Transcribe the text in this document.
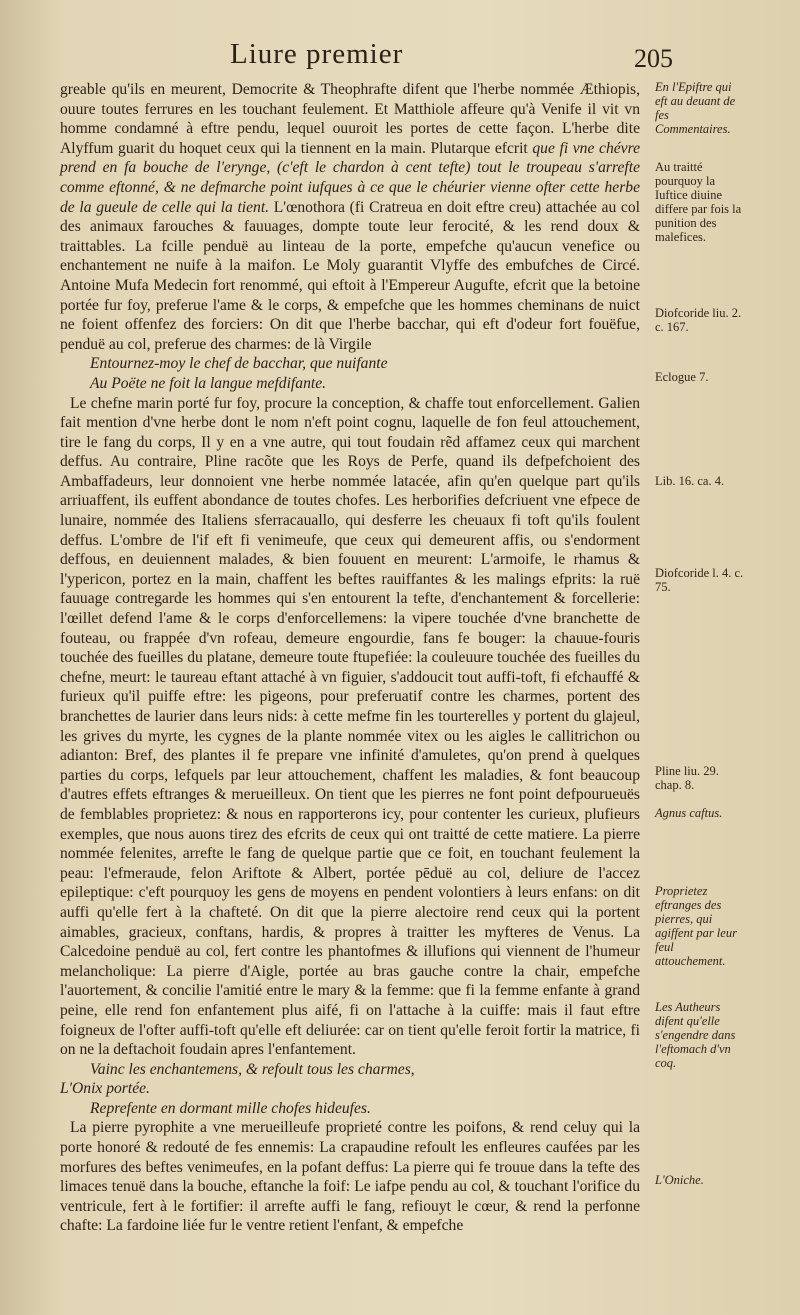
Liure premier	205

greable qu'ils en meurent, Democrite & Theophrafte difent que l'herbe nommée Æthiopis, ouure toutes ferrures en les touchant feulement. Et Matthiole affeure qu'à Venife il vit vn homme condamné à eftre pendu, lequel ouuroit les portes de cette façon. L'herbe dite Alyffum guarit du hoquet ceux qui la tiennent en la main. Plutarque efcrit que fi vne chévre prend en fa bouche de l'erynge, (c'eft le chardon à cent tefte) tout le troupeau s'arrefte comme eftonné, & ne defmarche point iufques à ce que le chéurier vienne ofter cette herbe de la gueule de celle qui la tient. L'œnothora (fi Cratreua en doit eftre creu) attachée au col des animaux farouches & fauuages, dompte toute leur ferocité, & les rend doux & traittables. La fcille penduë au linteau de la porte, empefche qu'aucun veneficе ou enchantement ne nuife à la maifon. Le Moly guarantit Vlyffe des embufches de Circé. Antoine Mufa Medecin fort renommé, qui eftoit à l'Empereur Augufte, efcrit que la betoine portée fur foy, preferue l'ame & le corps, & empefche que les hommes cheminans de nuict ne foient offenfez des forciers: On dit que l'herbe bacchar, qui eft d'odeur fort fouëfue, penduë au col, preferue des charmes: de là Virgile

Entournez-moy le chef de bacchar, que nuifante

Au Poëte ne foit la langue mefdifante.

Le chefne marin porté fur foy, procure la conception, & chaffe tout enforcellement. Galien fait mention d'vne herbe dont le nom n'eft point cognu, laquelle de fon feul attouchement, tire le fang du corps, Il y en a vne autre, qui tout foudain rẽd affamez ceux qui marchent deffus. Au contraire, Pline racõte que les Roys de Perfe, quand ils defpefchoient des Ambaffadeurs, leur donnoient vne herbe nommée latacée, afin qu'en quelque part qu'ils arriuaffent, ils euffent abondance de toutes chofes. Les herborifies defcriuent vne efpece de lunaire, nommée des Italiens sferracauallo, qui desferre les cheuaux fi toft qu'ils foulent deffus. L'ombre de l'if eft fi venimeufe, que ceux qui demeurent affis, ou s'endorment deffous, en deuiennent malades, & bien fouuent en meurent: L'armoife, le rhamus & l'ypericon, portez en la main, chaffent les beftes rauiffantes & les malings efprits: la ruë fauuage contregarde les hommes qui s'en entourent la tefte, d'enchantement & forcellerie: l'œillet defend l'ame & le corps d'enforcellemens: la vipere touchée d'vne branchette de fouteau, ou frappée d'vn rofeau, demeure engourdie, fans fe bouger: la chauue-fouris touchée des fueilles du platane, demeure toute ftupefiée: la couleuure touchée des fueilles du chefne, meurt: le taureau eftant attaché à vn figuier, s'addoucit tout auffi-toft, fi efchauffé & furieux qu'il puiffe eftre: les pigeons, pour preferuatif contre les charmes, portent des branchettes de laurier dans leurs nids: à cette mefme fin les tourterelles y portent du glajeul, les grives du myrte, les cygnes de la plante nommée vitex ou les aigles le callitrichon ou adianton: Bref, des plantes il fe prepare vne infinité d'amuletes, qu'on prend à quelques parties du corps, lefquels par leur attouchement, chaffent les maladies, & font beaucoup d'autres effets eftranges & merueilleux. On tient que les pierres ne font point defpourueuës de femblables proprietez: & nous en rapporterons icy, pour contenter les curieux, plufieurs exemples, que nous auons tirez des efcrits de ceux qui ont traitté de cette matiere. La pierre nommée felenites, arrefte le fang de quelque partie que ce foit, en touchant feulement la peau: l'efmeraude, felon Ariftote & Albert, portée pēduë au col, deliure de l'accez epileptique: c'eft pourquoy les gens de moyens en pendent volontiers à leurs enfans: on dit auffi qu'elle fert à la chafteté. On dit que la pierre alectoire rend ceux qui la portent aimables, gracieux, conftans, hardis, & propres à traitter les myfteres de Venus. La Calcedoine penduë au col, fert contre les phantofmes & illufions qui viennent de l'humeur melancholique: La pierre d'Aigle, portée au bras gauche contre la chair, empefche l'auortement, & concilie l'amitié entre le mary & la femme: que fi la femme enfante à grand peine, elle rend fon enfantement plus aifé, fi on l'attache à la cuiffe: mais il faut eftre foigneux de l'ofter auffi-toft qu'elle eft deliurée: car on tient qu'elle feroit fortir la matrice, fi on ne la deftachoit foudain apres l'enfantement.

Vainc les enchantemens, & refoult tous les charmes,

L'Onix portée.

Reprefente en dormant mille chofes hideufes.

La pierre pyrophite a vne merueilleufe proprieté contre les poifons, & rend celuy qui la porte honoré & redouté de fes ennemis: La crapaudine refoult les enfleures caufées par les morfures des beftes venimeufes, en la pofant deffus: La pierre qui fe trouue dans la tefte des limaces tenuë dans la bouche, eftanche la foif: Le iafpe pendu au col, & touchant l'orifice du ventricule, fert à le fortifier: il arrefte auffi le fang, refiouyt le cœur, & rend la perfonne chafte: La fardoine liée fur le ventre retient l'enfant, & empefche

En l'Epiftre qui eft au deuant de fes Commentaires.
Au traitté pourquoy la Iuftice diuine differe par fois la punition des malefices.
Diofcoride liu. 2. c. 167.
Eclogue 7.
Lib. 16. ca. 4.
Diofcoride l. 4. c. 75.
Pline liu. 29. chap. 8.
Agnus caftus.
Proprietez eftranges des pierres, qui agiffent par leur feul attouchement.
Les Autheurs difent qu'elle s'engendre dans l'eftomach d'vn coq.
L'Oniche.
